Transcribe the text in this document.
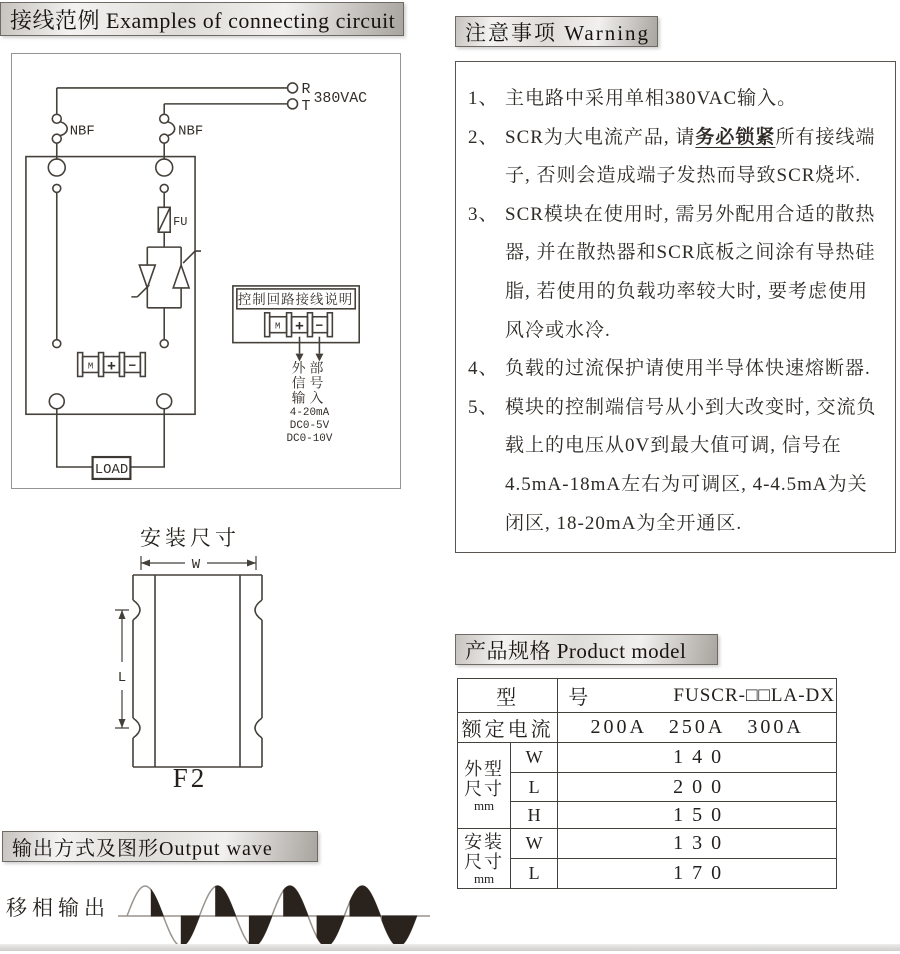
接线范例 Examples of connecting circuit	注意事项 Warning
产品规格 Product model
输出方式及图形Output wave
R
T 380VAC
NBF	NBF
FU
M + −
LOAD
控制回路接线说明
M + −
外部
信号
输入
4-20mA
DC0-5V
DC0-10V
安装尺寸
W
L
F2
1、 主电路中采用单相380VAC输入。
2、 SCR为大电流产品, 请务必锁紧所有接线端子, 否则会造成端子发热而导致SCR烧坏.
3、 SCR模块在使用时, 需另外配用合适的散热器, 并在散热器和SCR底板之间涂有导热硅脂, 若使用的负载功率较大时, 要考虑使用风冷或水冷.
4、 负载的过流保护请使用半导体快速熔断器.
5、 模块的控制端信号从小到大改变时, 交流负载上的电压从0V到最大值可调, 信号在4.5mA-18mA左右为可调区, 4-4.5mA为关闭区, 18-20mA为全开通区.
型		号 FUSCR-□□LA-DX

额定电流		200A 250A 300A

外型
尺寸
mm	W	140
	L	200
	H	150

安装
尺寸
mm	W	130
	L	170
移相输出
